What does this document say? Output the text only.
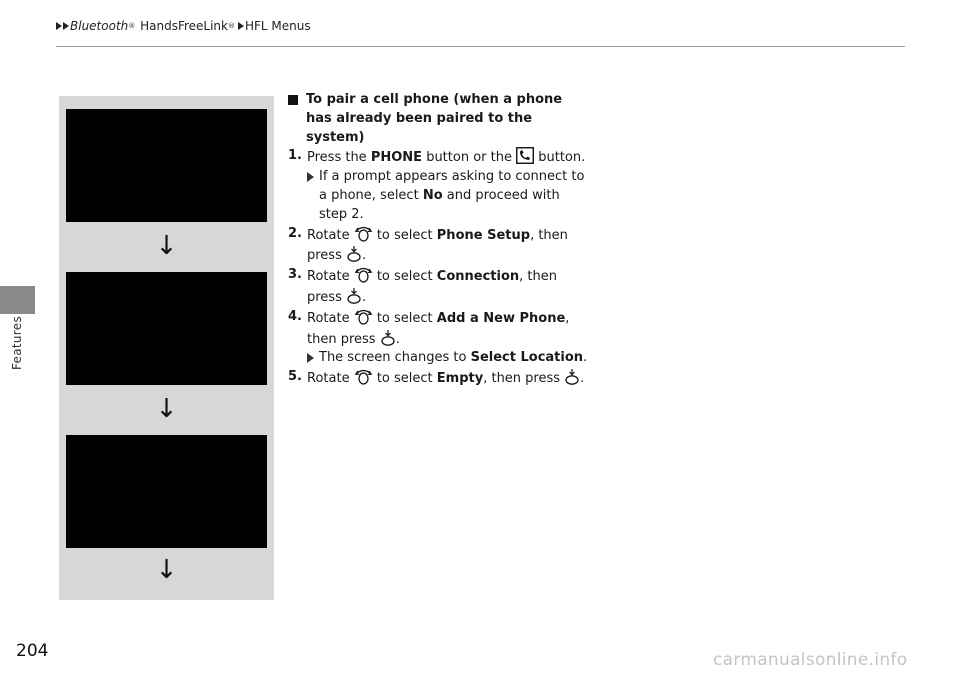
Bluetooth ®
HandsFreeLink ® HFL Menus
Features
↓
↓
↓
To pair a cell phone (when a phone has already been paired to the system)
1. Press the PHONE button or the  button.
If a prompt appears asking to connect to a phone, select No and proceed with step 2.
2. Rotate  to select Phone Setup, then press .
3. Rotate  to select Connection, then press .
4. Rotate  to select Add a New Phone, then press .
The screen changes to Select Location.
5. Rotate  to select Empty, then press .
204	carmanualsonline.info
